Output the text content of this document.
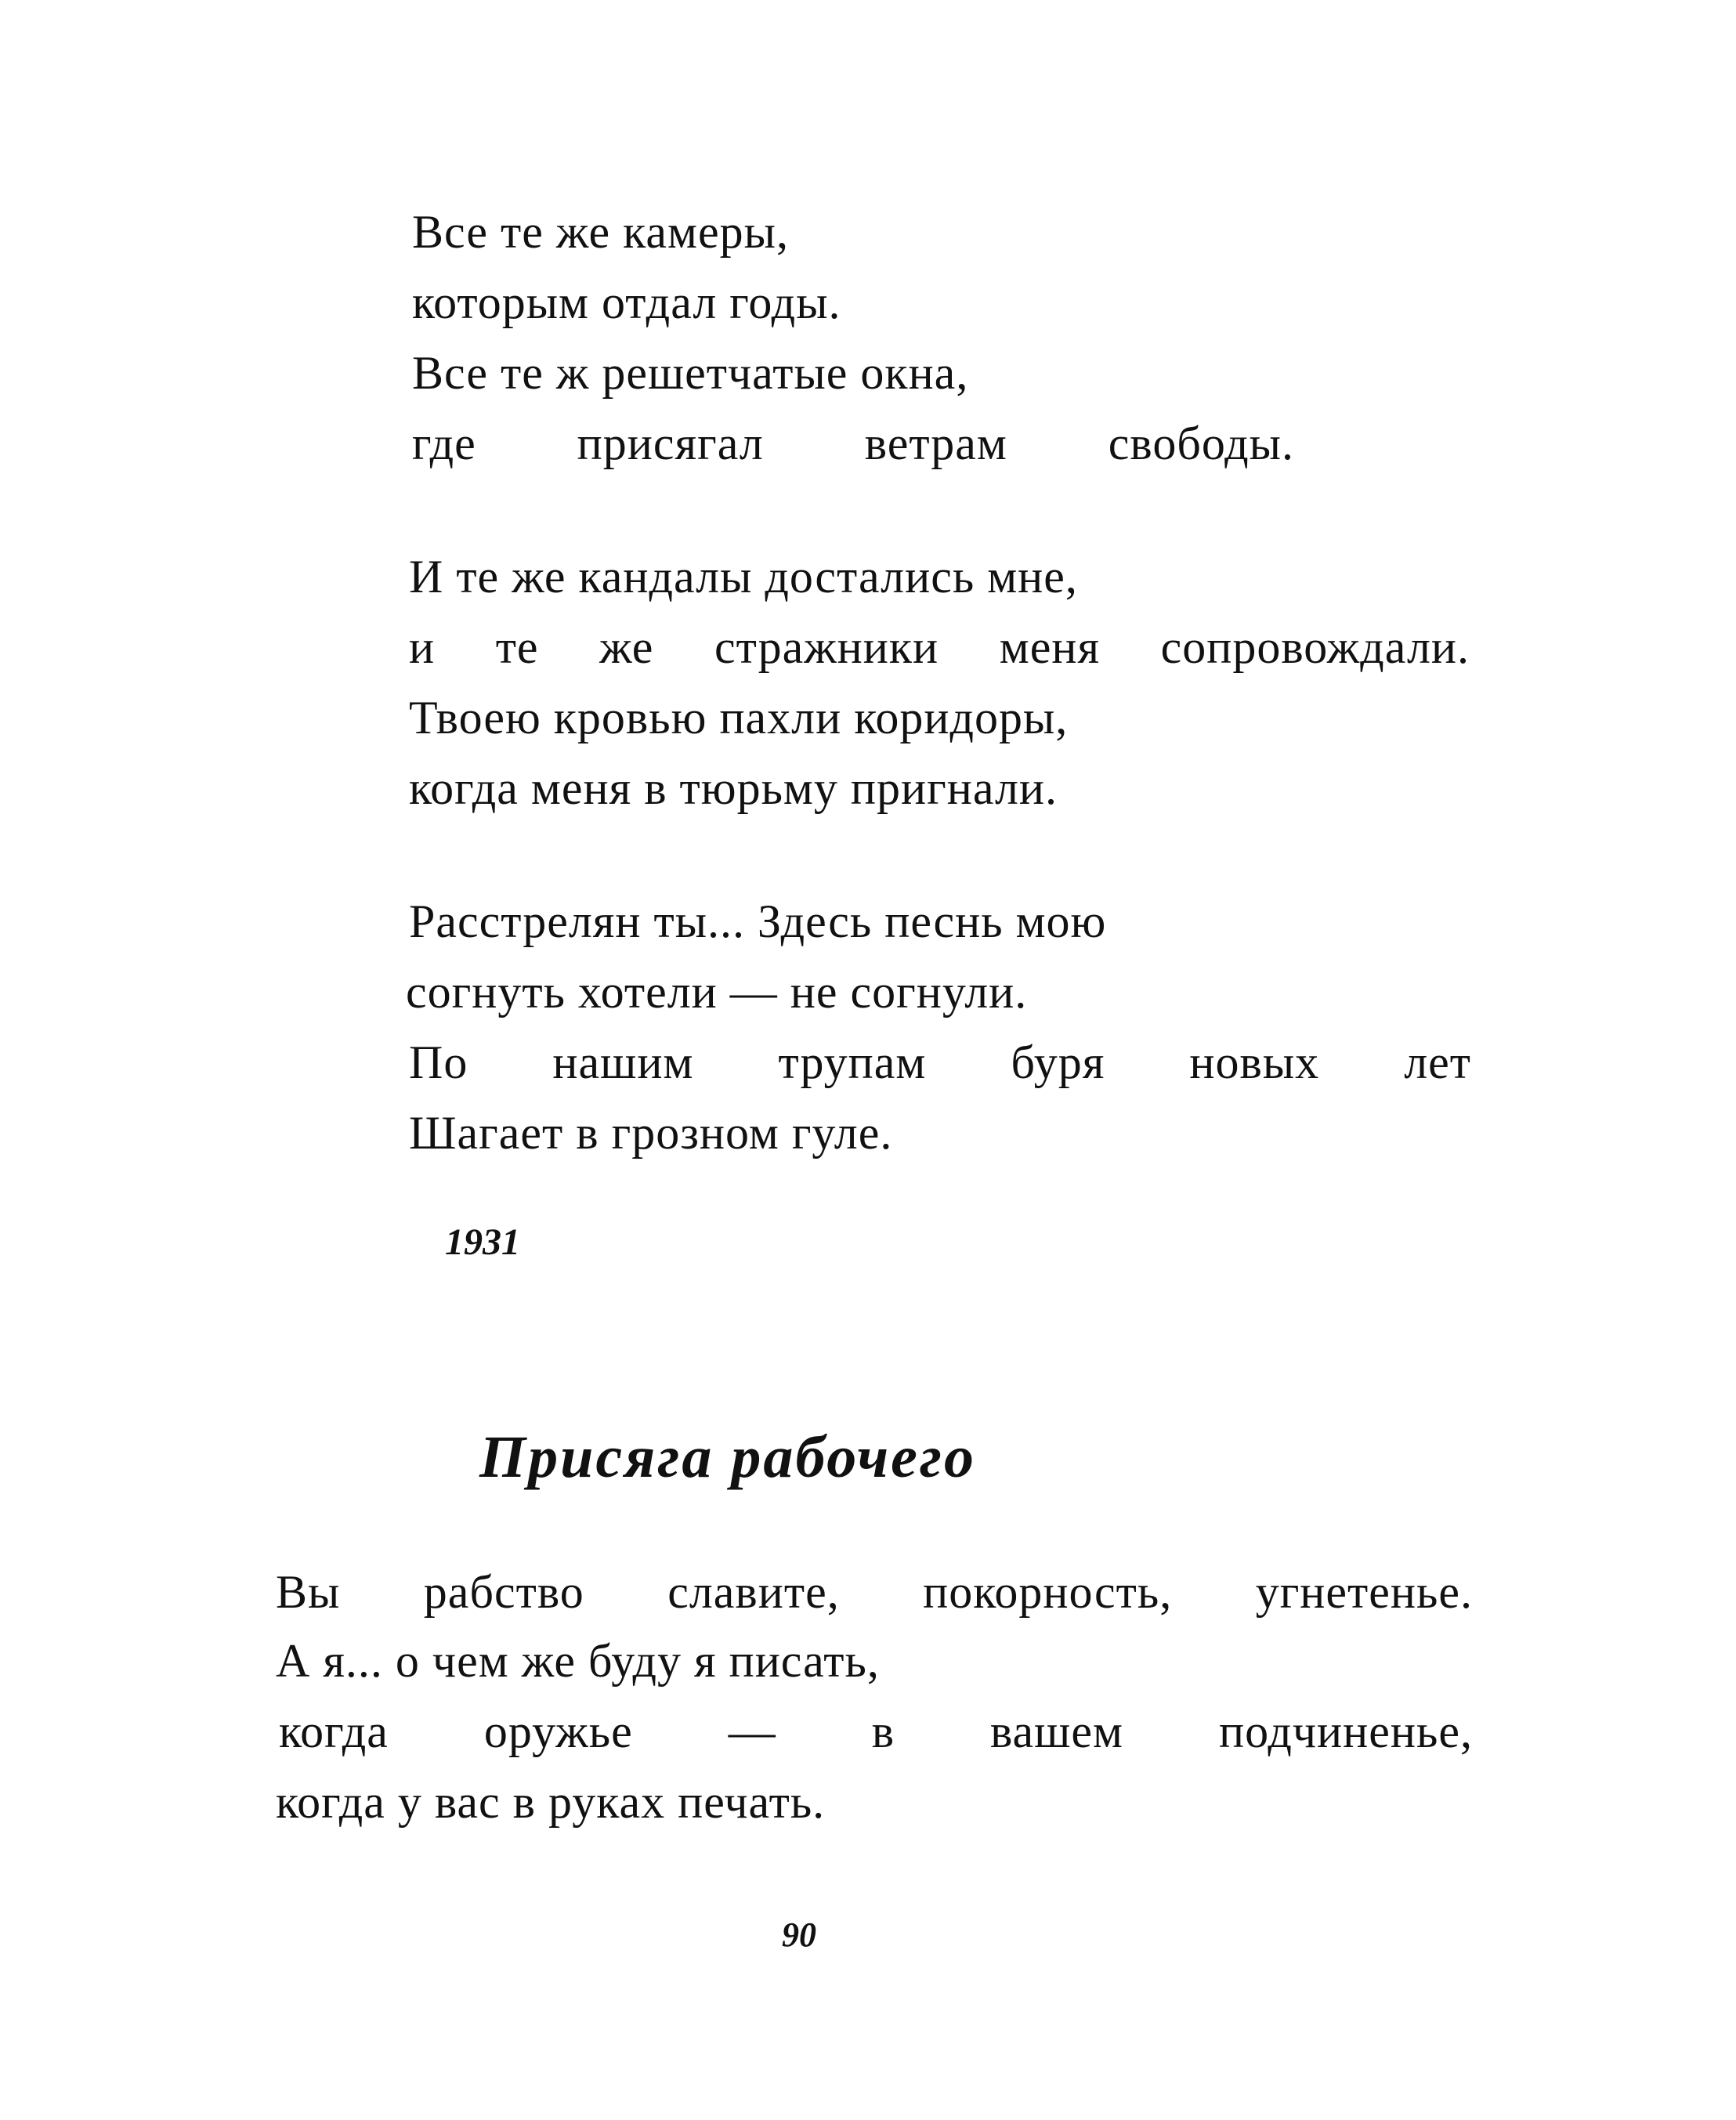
Все те же камеры,
которым отдал годы.
Все те ж решетчатые окна,
где присягал ветрам свободы.
И те же кандалы достались мне,
и те же стражники меня сопровождали.
Твоею кровью пахли коридоры,
когда меня в тюрьму пригнали.
Расстрелян ты... Здесь песнь мою
согнуть хотели — не согнули.
По нашим трупам буря новых лет
Шагает в грозном гуле.
1931
Присяга рабочего
Вы рабство славите, покорность, угнетенье.
А я... о чем же буду я писать,
когда оружье — в вашем подчиненье,
когда у вас в руках печать.
90
